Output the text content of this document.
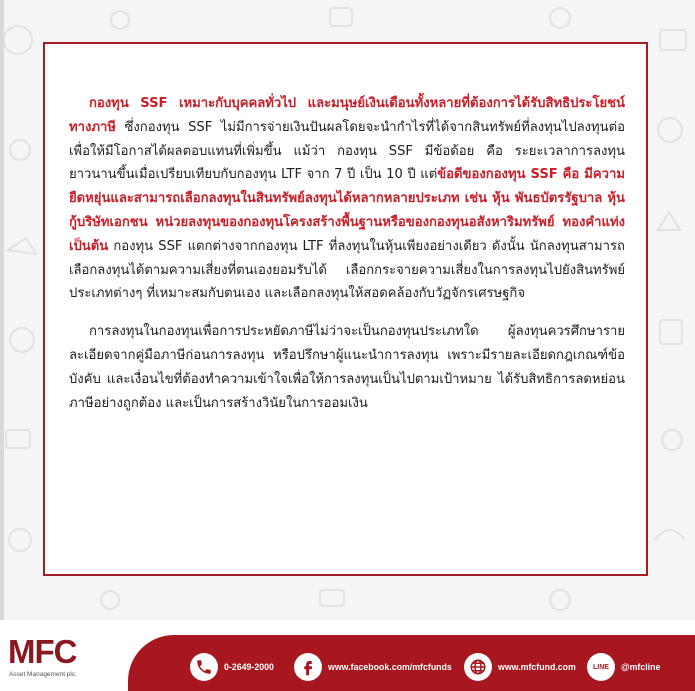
กองทุน SSF เหมาะกับบุคคลทั่วไป และมนุษย์เงินเดือนทั้งหลายที่ต้องการได้รับสิทธิประโยชน์ทางภาษี ซึ่งกองทุน SSF ไม่มีการจ่ายเงินปันผลโดยจะนำกำไรที่ได้จากสินทรัพย์ที่ลงทุนไปลงทุนต่อเพื่อให้มีโอกาสได้ผลตอบแทนที่เพิ่มขึ้น แม้ว่า กองทุน SSF มีข้อด้อย คือ ระยะเวลาการลงทุนยาวนานขึ้นเมื่อเปรียบเทียบกับกองทุน LTF จาก 7 ปี เป็น 10 ปี แต่ข้อดีของกองทุน SSF คือ มีความยืดหยุ่นและสามารถเลือกลงทุนในสินทรัพย์ลงทุนได้หลากหลายประเภท เช่น หุ้น พันธบัตรรัฐบาล หุ้น กู้บริษัทเอกชน หน่วยลงทุนของกองทุนโครงสร้างพื้นฐานหรือของกองทุนอสังหาริมทรัพย์ ทองคำแท่ง เป็นต้น กองทุน SSF แตกต่างจากกองทุน LTF ที่ลงทุนในหุ้นเพียงอย่างเดียว ดังนั้น นักลงทุนสามารถเลือกลงทุนได้ตามความเสี่ยงที่ตนเองยอมรับได้ เลือกกระจายความเสี่ยงในการลงทุนไปยังสินทรัพย์ประเภทต่างๆ ที่เหมาะสมกับตนเอง และเลือกลงทุนให้สอดคล้องกับวัฏจักรเศรษฐกิจ

การลงทุนในกองทุนเพื่อการประหยัดภาษีไม่ว่าจะเป็นกองทุนประเภทใด ผู้ลงทุนควรศึกษารายละเอียดจากคู่มือภาษีก่อนการลงทุน หรือปรึกษาผู้แนะนำการลงทุน เพราะมีรายละเอียดกฎเกณฑ์ข้อบังคับ และเงื่อนไขที่ต้องทำความเข้าใจเพื่อให้การลงทุนเป็นไปตามเป้าหมาย ได้รับสิทธิการลดหย่อนภาษีอย่างถูกต้อง และเป็นการสร้างวินัยในการออมเงิน

MFC
Asset Management plc.
0-2649-2000	www.facebook.com/mfcfunds	www.mfcfund.com LINE @mfcline
